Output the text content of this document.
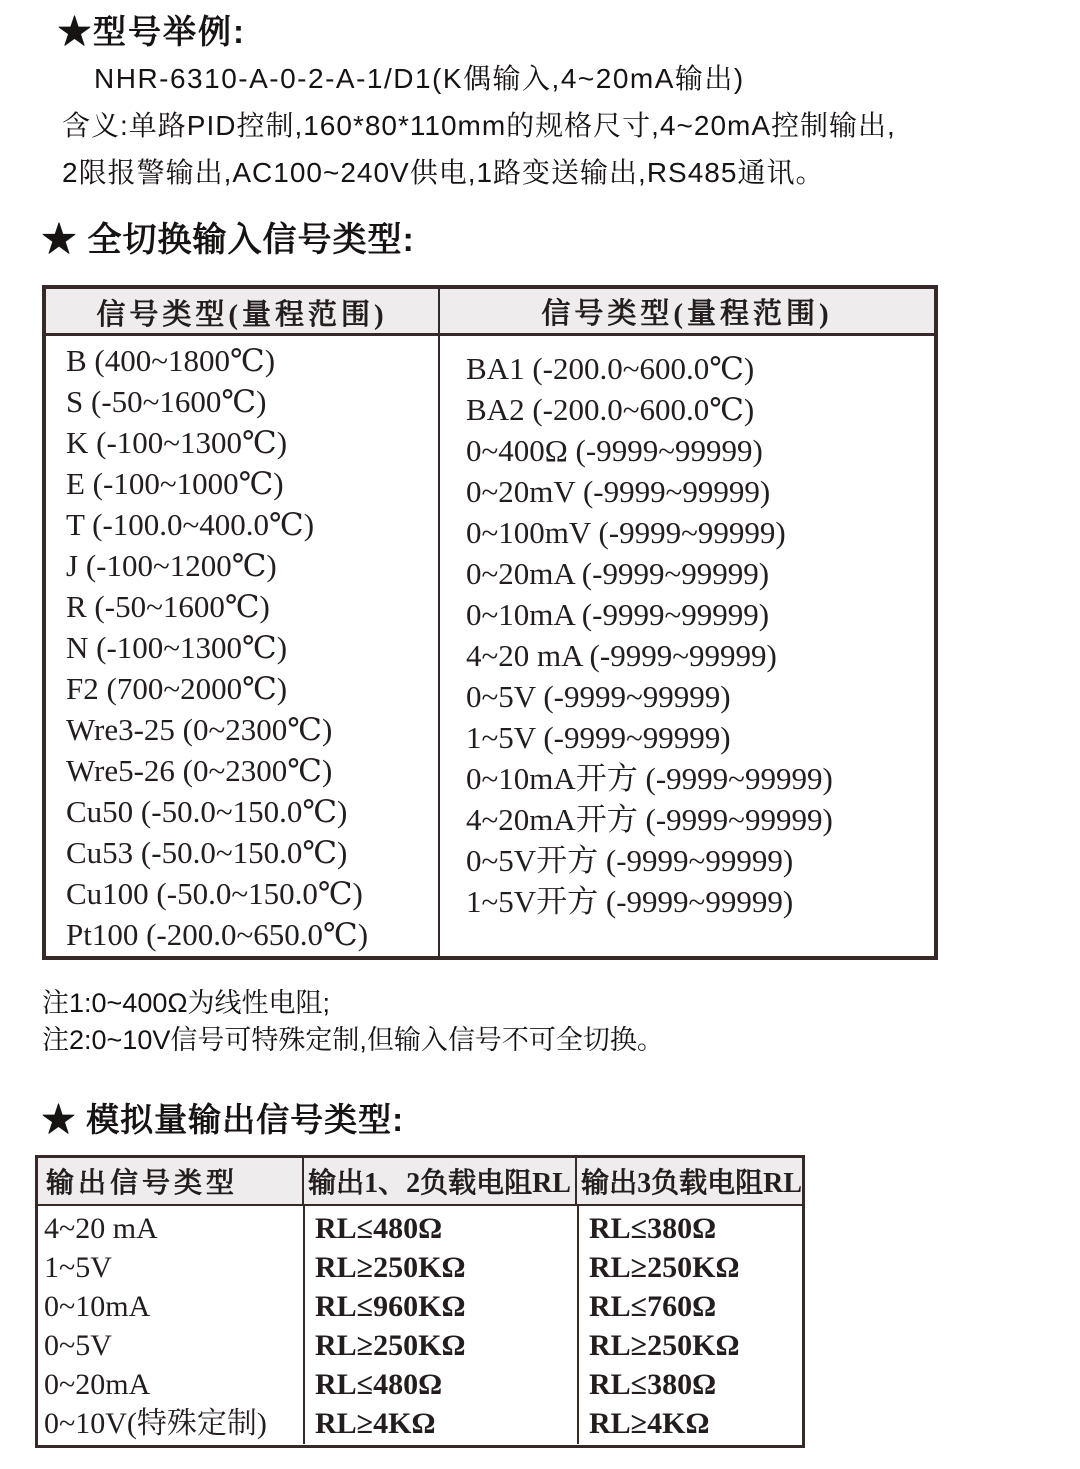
★型号举例:
NHR-6310-A-0-2-A-1/D1(K偶输入,4~20mA输出)
含义:单路PID控制,160*80*110mm的规格尺寸,4~20mA控制输出,
2限报警输出,AC100~240V供电,1路变送输出,RS485通讯。
★ 全切换输入信号类型:
信号类型(量程范围)	信号类型(量程范围)
B (400~1800℃)
S (-50~1600℃)
K (-100~1300℃)
E (-100~1000℃)
T (-100.0~400.0℃)
J (-100~1200℃)
R (-50~1600℃)
N (-100~1300℃)
F2 (700~2000℃)
Wre3-25 (0~2300℃)
Wre5-26 (0~2300℃)
Cu50 (-50.0~150.0℃)
Cu53 (-50.0~150.0℃)
Cu100 (-50.0~150.0℃)
Pt100 (-200.0~650.0℃)
BA1 (-200.0~600.0℃)
BA2 (-200.0~600.0℃)
0~400Ω (-9999~99999)
0~20mV (-9999~99999)
0~100mV (-9999~99999)
0~20mA (-9999~99999)
0~10mA (-9999~99999)
4~20 mA (-9999~99999)
0~5V (-9999~99999)
1~5V (-9999~99999)
0~10mA开方 (-9999~99999)
4~20mA开方 (-9999~99999)
0~5V开方 (-9999~99999)
1~5V开方 (-9999~99999)
注1:0~400Ω为线性电阻;
注2:0~10V信号可特殊定制,但输入信号不可全切换。
★ 模拟量输出信号类型:
输出信号类型	输出1、2负载电阻RL 输出3负载电阻RL
4~20 mA
1~5V
0~10mA
0~5V
0~20mA
0~10V(特殊定制)
RL≤480Ω
RL≥250KΩ
RL≤960KΩ
RL≥250KΩ
RL≤480Ω
RL≥4KΩ
RL≤380Ω
RL≥250KΩ
RL≤760Ω
RL≥250KΩ
RL≤380Ω
RL≥4KΩ
